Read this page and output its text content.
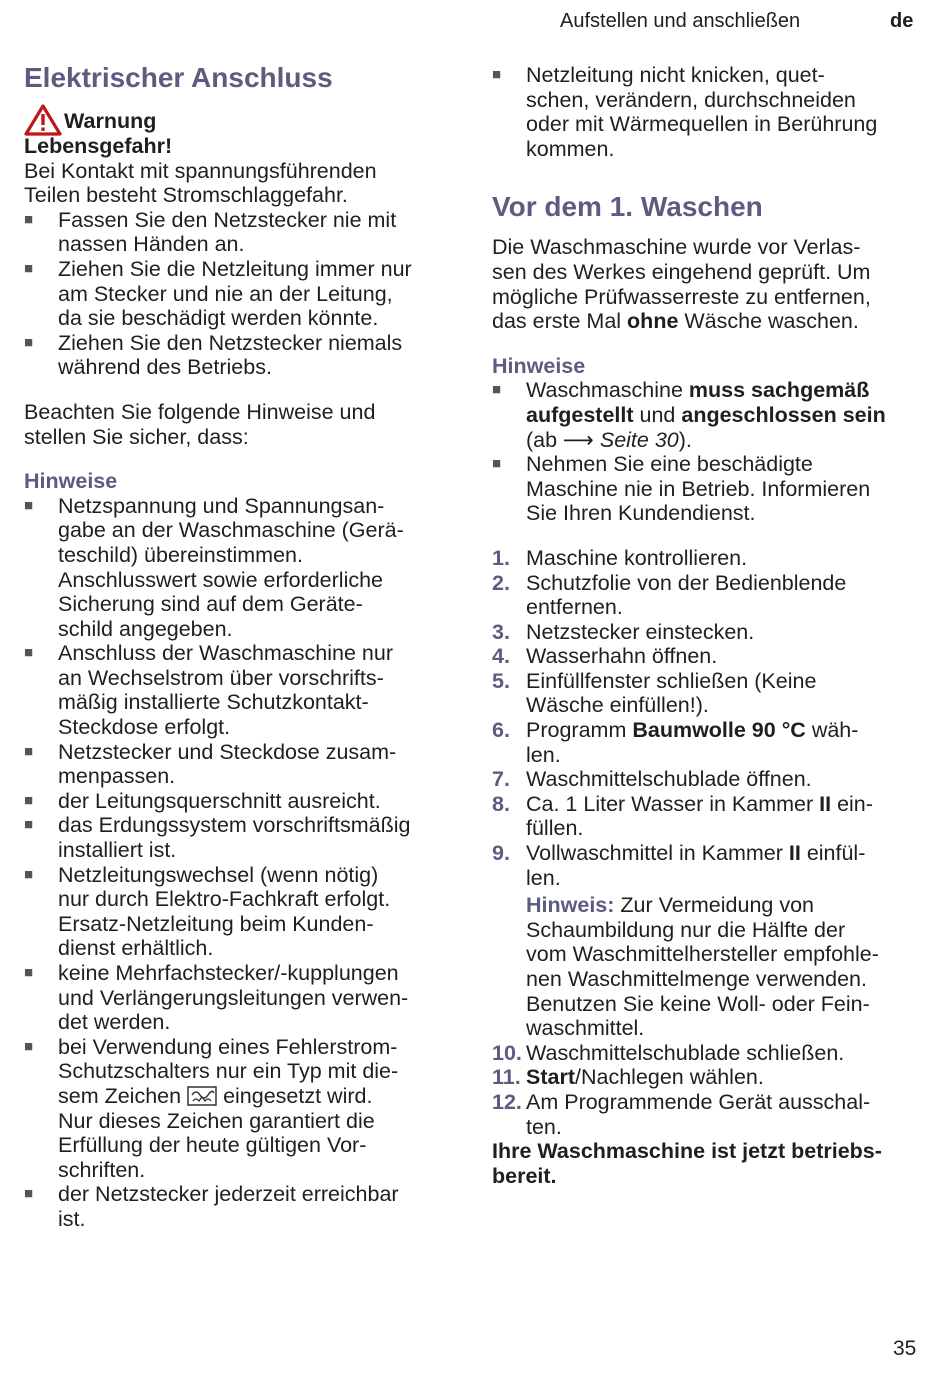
Aufstellen und anschließen	de
Elektrischer Anschluss
Warnung

Lebensgefahr!

Bei Kontakt mit spannungsführenden

Teilen besteht Stromschlaggefahr.

■ Fassen Sie den Netzstecker nie mit
nassen Händen an.
■ Ziehen Sie die Netzleitung immer nur
am Stecker und nie an der Leitung,
da sie beschädigt werden könnte.
■ Ziehen Sie den Netzstecker niemals
während des Betriebs.

Beachten Sie folgende Hinweise und

stellen Sie sicher, dass:

Hinweise

■ Netzspannung und Spannungsan-
gabe an der Waschmaschine (Gerä-
teschild) übereinstimmen.
Anschlusswert sowie erforderliche
Sicherung sind auf dem Geräte-
schild angegeben.
■ Anschluss der Waschmaschine nur
an Wechselstrom über vorschrifts-
mäßig installierte Schutzkontakt-
Steckdose erfolgt.
■ Netzstecker und Steckdose zusam-
menpassen.
■ der Leitungsquerschnitt ausreicht.
■ das Erdungssystem vorschriftsmäßig
installiert ist.
■ Netzleitungswechsel (wenn nötig)
nur durch Elektro-Fachkraft erfolgt.
Ersatz-Netzleitung beim Kunden-
dienst erhältlich.
■ keine Mehrfachstecker/-kupplungen
und Verlängerungsleitungen verwen-
det werden.
■ bei Verwendung eines Fehlerstrom-
Schutzschalters nur ein Typ mit die-
sem Zeichen eingesetzt wird.
Nur dieses Zeichen garantiert die
Erfüllung der heute gültigen Vor-
schriften.
■ der Netzstecker jederzeit erreichbar
ist.
■ Netzleitung nicht knicken, quet-
schen, verändern, durchschneiden
oder mit Wärmequellen in Berührung
kommen.
Vor dem 1. Waschen

Die Waschmaschine wurde vor Verlas-

sen des Werkes eingehend geprüft. Um

mögliche Prüfwasserreste zu entfernen,

das erste Mal ohne Wäsche waschen.

Hinweise

■ Waschmaschine muss sachgemäß
aufgestellt und angeschlossen sein
(ab ⟶ Seite 30).
■ Nehmen Sie eine beschädigte
Maschine nie in Betrieb. Informieren
Sie Ihren Kundendienst.
1. Maschine kontrollieren.
2. Schutzfolie von der Bedienblende
entfernen.
3. Netzstecker einstecken.
4. Wasserhahn öffnen.
5. Einfüllfenster schließen (Keine
Wäsche einfüllen!).
6. Programm Baumwolle 90 °C wäh-
len.
7. Waschmittelschublade öffnen.
8. Ca. 1 Liter Wasser in Kammer II ein-
füllen.
9. Vollwaschmittel in Kammer II einfül-
len.
Hinweis: Zur Vermeidung von
Schaumbildung nur die Hälfte der
vom Waschmittelhersteller empfohle-
nen Waschmittelmenge verwenden.
Benutzen Sie keine Woll- oder Fein-
waschmittel.
10. Waschmittelschublade schließen.
11. Start/Nachlegen wählen.
12. Am Programmende Gerät ausschal-
ten.

Ihre Waschmaschine ist jetzt betriebs-

bereit.

35
